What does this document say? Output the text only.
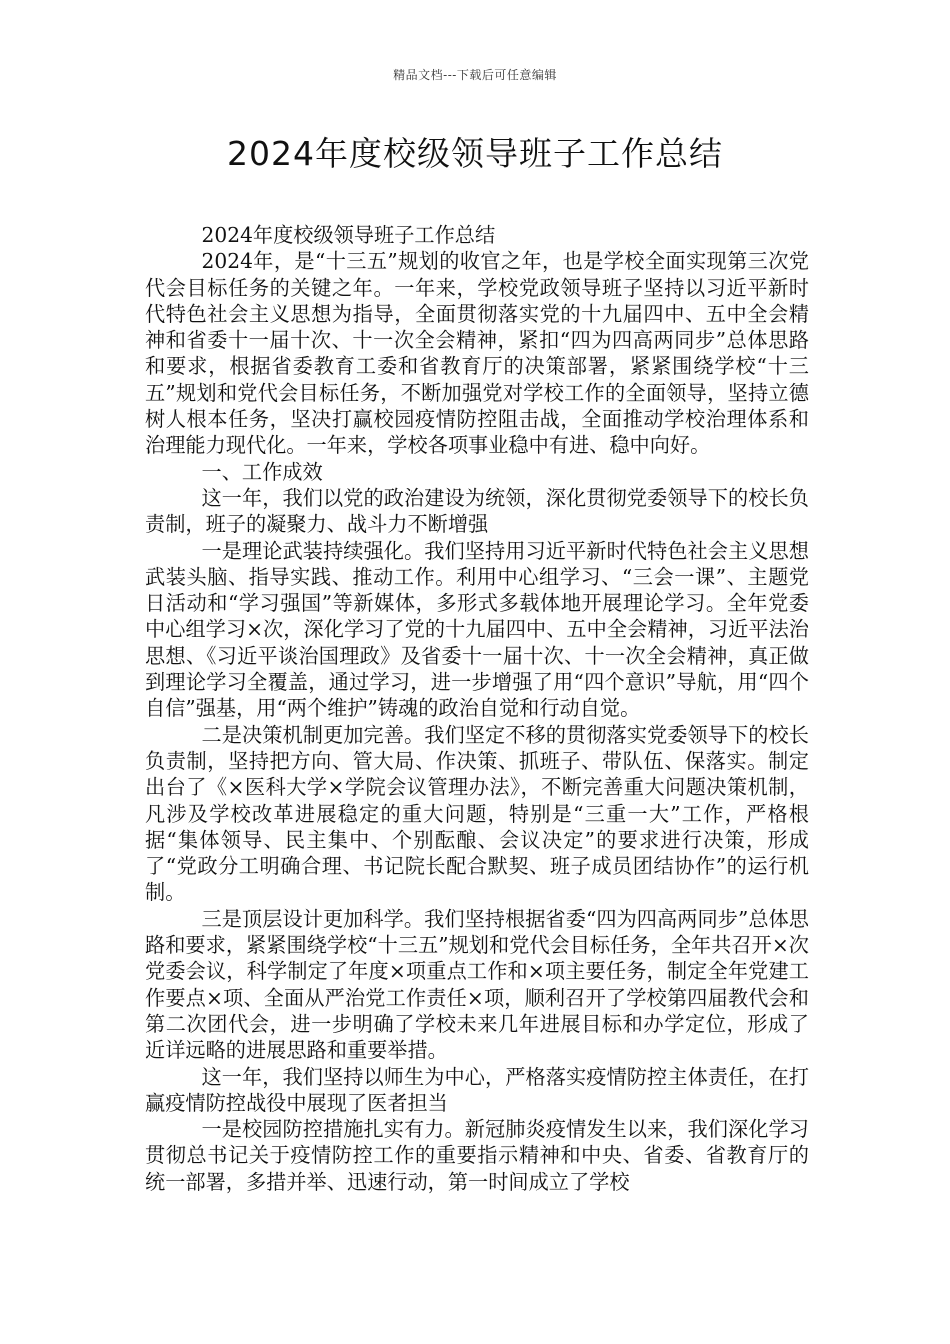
精品文档---下载后可任意编辑
2024年度校级领导班子工作总结

2024年度校级领导班子工作总结

2024年，是“十三五”规划的收官之年，也是学校全面实现第三次党代会目标任务的关键之年。一年来，学校党政领导班子坚持以习近平新时代特色社会主义思想为指导，全面贯彻落实党的十九届四中、五中全会精神和省委十一届十次、十一次全会精神，紧扣“四为四高两同步”总体思路和要求，根据省委教育工委和省教育厅的决策部署，紧紧围绕学校“十三五”规划和党代会目标任务，不断加强党对学校工作的全面领导，坚持立德树人根本任务，坚决打赢校园疫情防控阻击战，全面推动学校治理体系和治理能力现代化。一年来，学校各项事业稳中有进、稳中向好。

一、工作成效

这一年，我们以党的政治建设为统领，深化贯彻党委领导下的校长负责制，班子的凝聚力、战斗力不断增强

一是理论武装持续强化。我们坚持用习近平新时代特色社会主义思想武装头脑、指导实践、推动工作。利用中心组学习、“三会一课”、主题党日活动和“学习强国”等新媒体，多形式多载体地开展理论学习。全年党委中心组学习×次，深化学习了党的十九届四中、五中全会精神，习近平法治思想、《习近平谈治国理政》及省委十一届十次、十一次全会精神，真正做到理论学习全覆盖，通过学习，进一步增强了用“四个意识”导航，用“四个自信”强基，用“两个维护”铸魂的政治自觉和行动自觉。

二是决策机制更加完善。我们坚定不移的贯彻落实党委领导下的校长负责制，坚持把方向、管大局、作决策、抓班子、带队伍、保落实。制定出台了《×医科大学×学院会议管理办法》，不断完善重大问题决策机制，凡涉及学校改革进展稳定的重大问题，特别是“三重一大”工作，严格根据“集体领导、民主集中、个别酝酿、会议决定”的要求进行决策，形成了“党政分工明确合理、书记院长配合默契、班子成员团结协作”的运行机制。

三是顶层设计更加科学。我们坚持根据省委“四为四高两同步”总体思路和要求，紧紧围绕学校“十三五”规划和党代会目标任务，全年共召开×次党委会议，科学制定了年度×项重点工作和×项主要任务，制定全年党建工作要点×项、全面从严治党工作责任×项，顺利召开了学校第四届教代会和第二次团代会，进一步明确了学校未来几年进展目标和办学定位，形成了近详远略的进展思路和重要举措。

这一年，我们坚持以师生为中心，严格落实疫情防控主体责任，在打赢疫情防控战役中展现了医者担当

一是校园防控措施扎实有力。新冠肺炎疫情发生以来，我们深化学习贯彻总书记关于疫情防控工作的重要指示精神和中央、省委、省教育厅的统一部署，多措并举、迅速行动，第一时间成立了学校
